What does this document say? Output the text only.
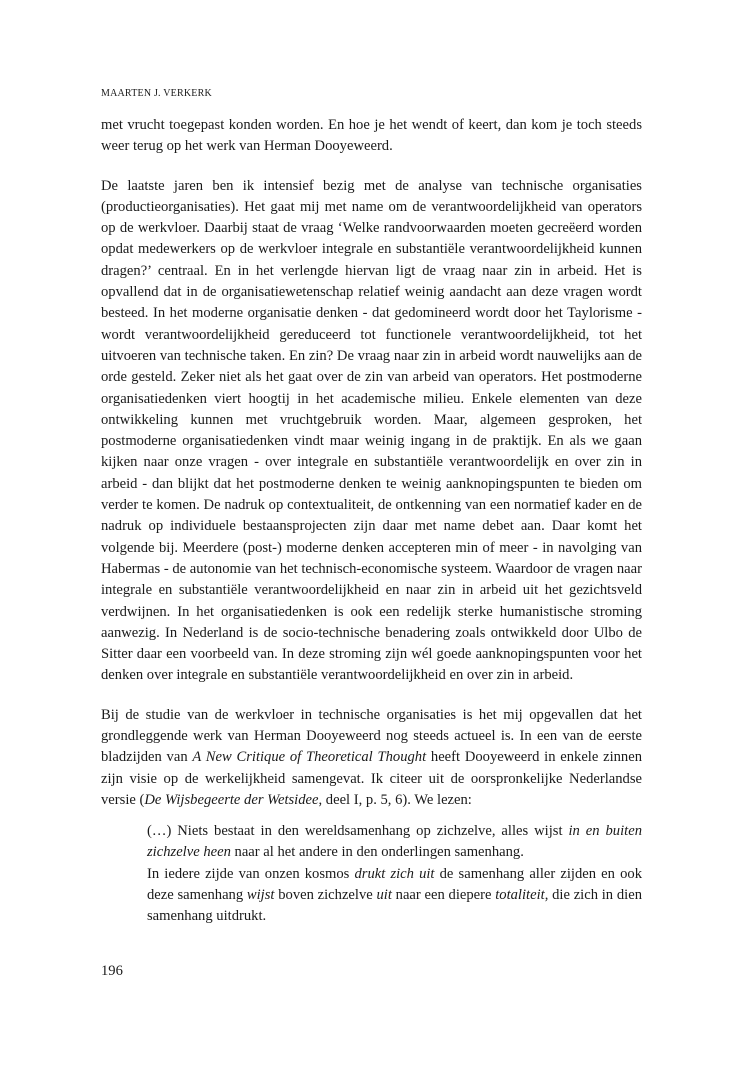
MAARTEN J. VERKERK

met vrucht toegepast konden worden. En hoe je het wendt of keert, dan kom je toch steeds weer terug op het werk van Herman Dooyeweerd.

De laatste jaren ben ik intensief bezig met de analyse van technische organisaties (productieorganisaties). Het gaat mij met name om de verantwoordelijkheid van operators op de werkvloer. Daarbij staat de vraag ‘Welke randvoorwaarden moeten gecreëerd worden opdat medewerkers op de werkvloer integrale en substantiële verantwoordelijkheid kunnen dragen?’ centraal. En in het verlengde hiervan ligt de vraag naar zin in arbeid. Het is opvallend dat in de organisatiewetenschap relatief weinig aandacht aan deze vragen wordt besteed. In het moderne organisatie denken - dat gedomineerd wordt door het Taylorisme - wordt verantwoordelijkheid gereduceerd tot functionele verantwoordelijkheid, tot het uitvoeren van technische taken. En zin? De vraag naar zin in arbeid wordt nauwelijks aan de orde gesteld. Zeker niet als het gaat over de zin van arbeid van operators. Het postmoderne organisatiedenken viert hoogtij in het academische milieu. Enkele elementen van deze ontwikkeling kunnen met vruchtgebruik worden. Maar, algemeen gesproken, het postmoderne organisatiedenken vindt maar weinig ingang in de praktijk. En als we gaan kijken naar onze vragen - over integrale en substantiële verantwoordelijk en over zin in arbeid - dan blijkt dat het postmoderne denken te weinig aanknopingspunten te bieden om verder te komen. De nadruk op contextualiteit, de ontkenning van een normatief kader en de nadruk op individuele bestaansprojecten zijn daar met name debet aan. Daar komt het volgende bij. Meerdere (post-) moderne denken accepteren min of meer - in navolging van Habermas - de autonomie van het technisch-economische systeem. Waardoor de vragen naar integrale en substantiële verantwoordelijkheid en naar zin in arbeid uit het gezichtsveld verdwijnen. In het organisatiedenken is ook een redelijk sterke humanistische stroming aanwezig. In Nederland is de socio-technische benadering zoals ontwikkeld door Ulbo de Sitter daar een voorbeeld van. In deze stroming zijn wél goede aanknopingspunten voor het denken over integrale en substantiële verantwoordelijkheid en over zin in arbeid.

Bij de studie van de werkvloer in technische organisaties is het mij opgevallen dat het grondleggende werk van Herman Dooyeweerd nog steeds actueel is. In een van de eerste bladzijden van A New Critique of Theoretical Thought heeft Dooyeweerd in enkele zinnen zijn visie op de werkelijkheid samengevat. Ik citeer uit de oorspronkelijke Nederlandse versie (De Wijsbegeerte der Wetsidee, deel I, p. 5, 6). We lezen:

(…) Niets bestaat in den wereldsamenhang op zichzelve, alles wijst in en buiten zichzelve heen naar al het andere in den onderlingen samenhang.

In iedere zijde van onzen kosmos drukt zich uit de samenhang aller zijden en ook deze samenhang wijst boven zichzelve uit naar een diepere totaliteit, die zich in dien samenhang uitdrukt.

196
